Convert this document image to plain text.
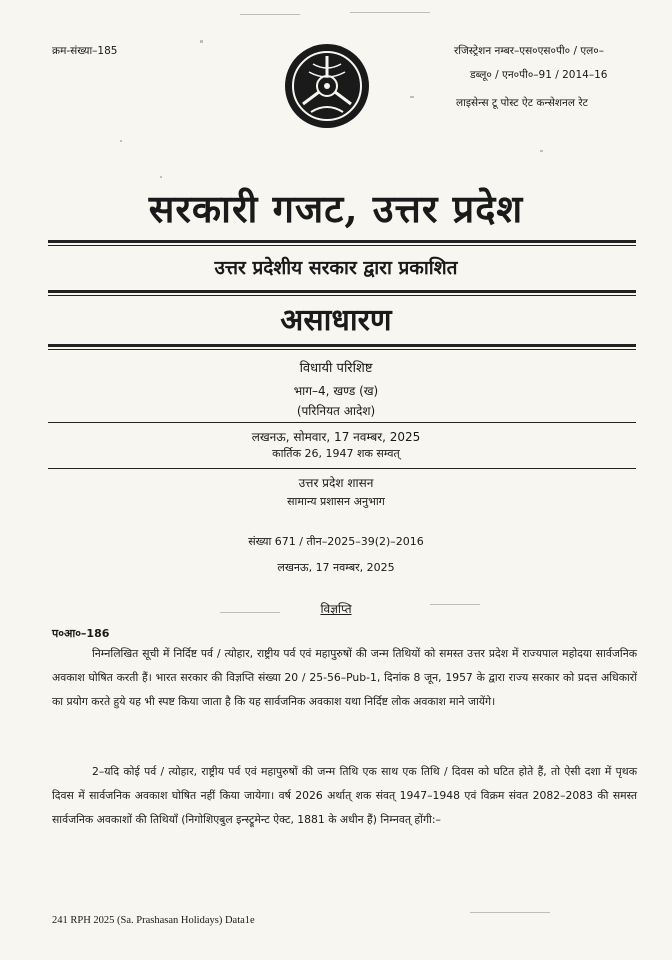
क्रम-संख्या–185	रजिस्ट्रेशन नम्बर–एस०एस०पी० / एल०–
डब्लू० / एन०पी०–91 / 2014–16
लाइसेन्स टू पोस्ट ऐट कन्सेशनल रेट
सरकारी गजट, उत्तर प्रदेश
उत्तर प्रदेशीय सरकार द्वारा प्रकाशित
असाधारण
विधायी परिशिष्ट
भाग–4, खण्ड (ख)
(परिनियत आदेश)
लखनऊ, सोमवार, 17 नवम्बर, 2025
कार्तिक 26, 1947 शक सम्वत्
उत्तर प्रदेश शासन
सामान्य प्रशासन अनुभाग
संख्या 671 / तीन–2025–39(2)–2016
लखनऊ, 17 नवम्बर, 2025
विज्ञप्ति
प०आ०–186
निम्नलिखित सूची में निर्दिष्ट पर्व / त्योहार, राष्ट्रीय पर्व एवं महापुरुषों की जन्म तिथियों को समस्त उत्तर प्रदेश में राज्यपाल महोदया सार्वजनिक अवकाश घोषित करती हैं। भारत सरकार की विज्ञप्ति संख्या 20 / 25-56–Pub-1, दिनांक 8 जून, 1957 के द्वारा राज्य सरकार को प्रदत्त अधिकारों का प्रयोग करते हुये यह भी स्पष्ट किया जाता है कि यह सार्वजनिक अवकाश यथा निर्दिष्ट लोक अवकाश माने जायेंगे।
2–यदि कोई पर्व / त्योहार, राष्ट्रीय पर्व एवं महापुरुषों की जन्म तिथि एक साथ एक तिथि / दिवस को घटित होते हैं, तो ऐसी दशा में पृथक दिवस में सार्वजनिक अवकाश घोषित नहीं किया जायेगा। वर्ष 2026 अर्थात् शक संवत् 1947–1948 एवं विक्रम संवत 2082–2083 की समस्त सार्वजनिक अवकाशों की तिथियाँ (निगोशिएबुल इन्स्ट्रूमेन्ट ऐक्ट, 1881 के अधीन हैं) निम्नवत् होंगी:–
241 RPH 2025 (Sa. Prashasan Holidays) Data1e
